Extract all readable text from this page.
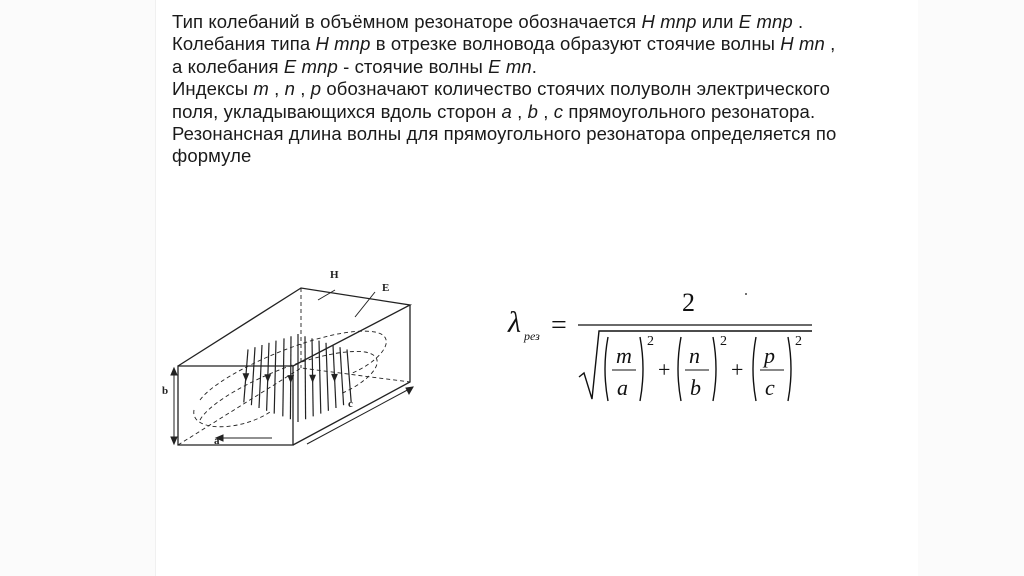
Тип колебаний в объёмном резонаторе обозначается H mnp или E mnp .

Колебания типа H mnp в отрезке волновода образуют стоячие волны H mn ,

а колебания E mnp - стоячие волны E mn.

Индексы m , n , p обозначают количество стоячих полуволн электрического

поля, укладывающихся вдоль сторон a , b , c прямоугольного резонатора.

Резонансная длина волны для прямоугольного резонатора определяется по

формуле

b
a
c
H
E
λ рез =
2
m
a
2
+
n
b
2
+
p
c
2
